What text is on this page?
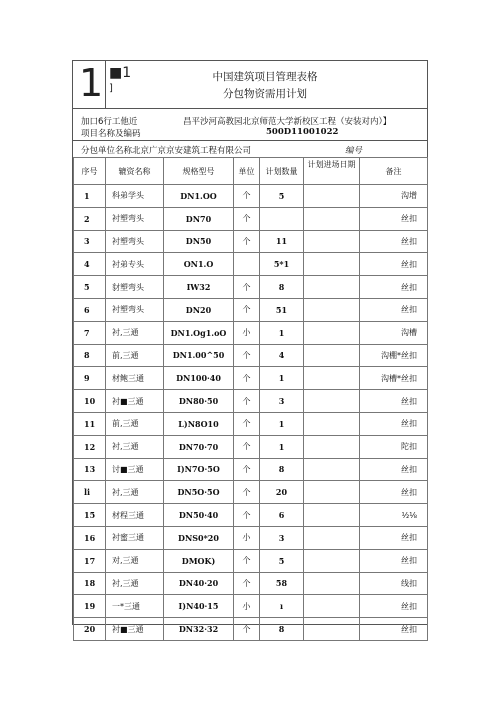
1 ■1
]
中国建筑项目管理表格
分包物资需用计划
加口6行工他近	昌平沙河高教园北京师范大学新校区工程（安装对内）】
项目名称及编码	500D11001022
分包单位名称北京广京京安建筑工程有限公司	编号
序号	辘资名称	规格型号	单位	计划数量	计划进场日期	备注
1	科弟学头	DN1.OO	个	5		沟增
2	衬塑弯头	DN70	个			丝扣
3	衬塑弯头	DN50	个	11		丝扣
4	衬弟专头	ON1.O		5*1		丝扣
5	豺塑弯头	IW32	个	8		丝扣
6	衬塑弯头	DN20	个	51		丝扣
7	衬,三通	DN1.Og1.oO	小	1		沟槽
8	前,三通	DN1.00^50	个	4		沟棚*丝扣
9	材鲍三通	DN100·40	个	1		沟槽*丝扣
10	衬■三通	DN80·50	个	3		丝扣
11	前,三通	L)N8O10	个	1		丝扣
12	衬,三通	DN70·70	个	1		陀扣
13	讨■三通	I)N7O·5O	个	8		丝扣
li	衬,三通	DN5O·5O	个	20		丝扣
15	材程三通	DN50·40	个	6		½⅛
16	衬蜜三通	DNS0*20	小	3		丝扣
17	对,三通	DMOK)	个	5		丝扣
18	衬,三通	DN40·20	个	58		线扣
19	一*三通	I)N40·15	小	ı		丝扣
20	衬■三通	DN32·32	个	8		丝扣
